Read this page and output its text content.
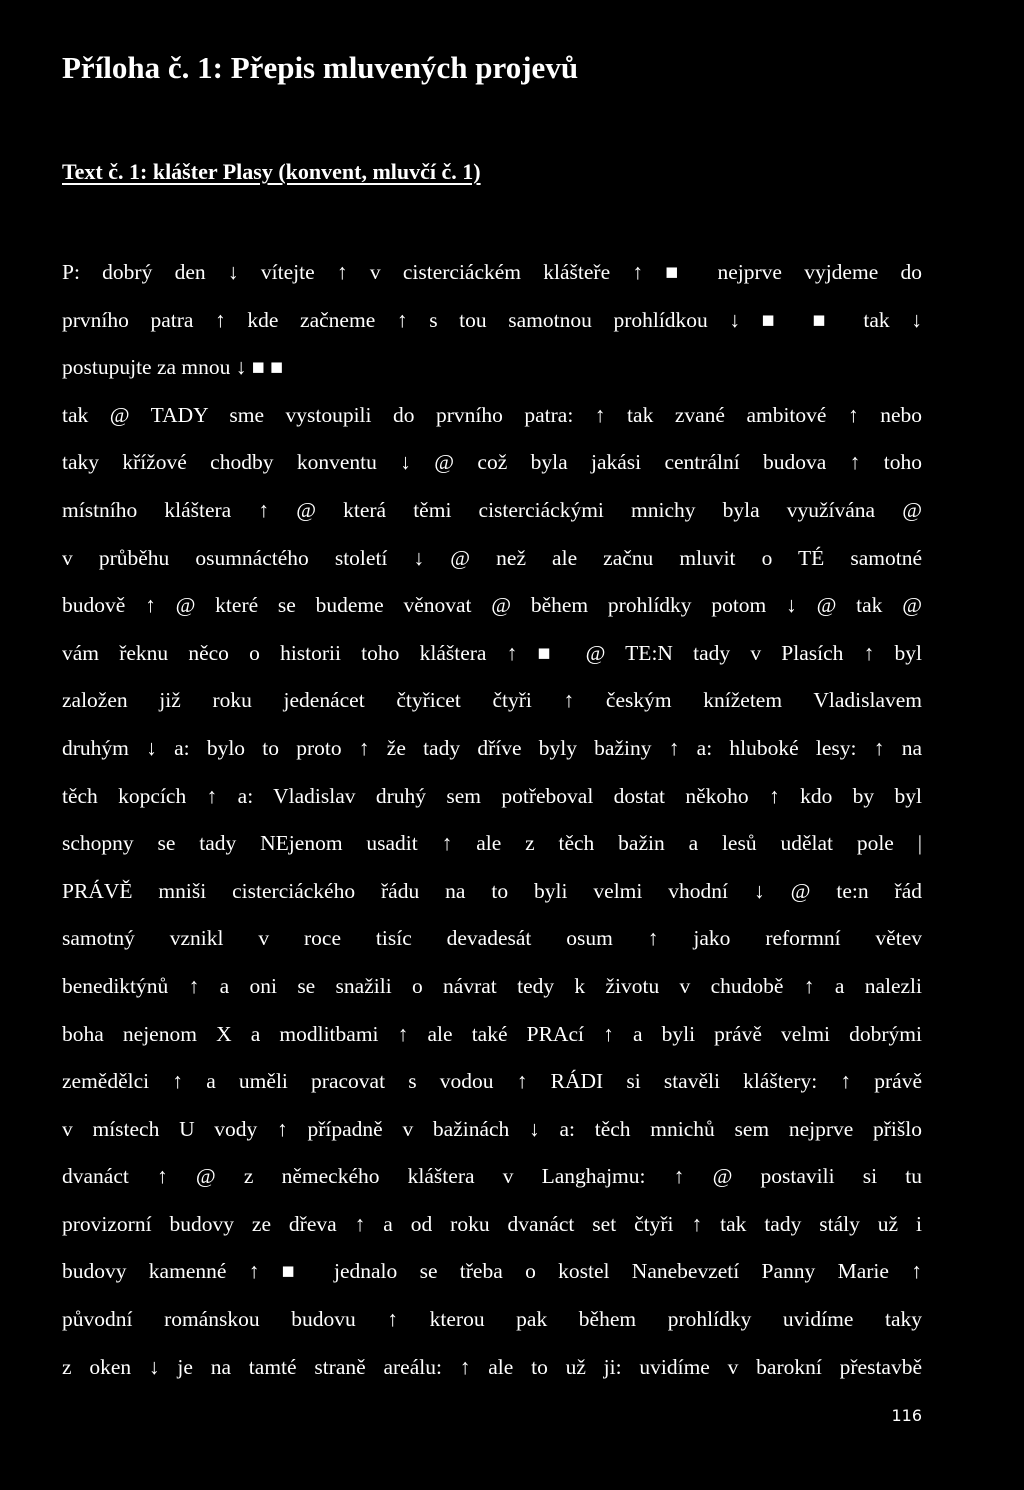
Příloha č. 1: Přepis mluvených projevů
Text č. 1: klášter Plasy (konvent, mluvčí č. 1)
P: dobrý den ↓ vítejte ↑ v cisterciáckém klášteře ↑ ■ nejprve vyjdeme do
prvního patra ↑ kde začneme ↑ s tou samotnou prohlídkou ↓ ■ ■ tak ↓
postupujte za mnou ↓ ■ ■
tak @ TADY sme vystoupili do prvního patra: ↑ tak zvané ambitové ↑ nebo
taky křížové chodby konventu ↓ @ což byla jakási centrální budova ↑ toho
místního kláštera ↑ @ která těmi cisterciáckými mnichy byla využívána @
v průběhu osumnáctého století ↓ @ než ale začnu mluvit o TÉ samotné
budově ↑ @ které se budeme věnovat @ během prohlídky potom ↓ @ tak @
vám řeknu něco o historii toho kláštera ↑ ■ @ TE:N tady v Plasích ↑ byl
založen již roku jedenácet čtyřicet čtyři ↑ českým knížetem Vladislavem
druhým ↓ a: bylo to proto ↑ že tady dříve byly bažiny ↑ a: hluboké lesy: ↑ na
těch kopcích ↑ a: Vladislav druhý sem potřeboval dostat někoho ↑ kdo by byl
schopny se tady NEjenom usadit ↑ ale z těch bažin a lesů udělat pole |
PRÁVĚ mniši cisterciáckého řádu na to byli velmi vhodní ↓ @ te:n řád
samotný vznikl v roce tisíc devadesát osum ↑ jako reformní větev
benediktýnů ↑ a oni se snažili o návrat tedy k životu v chudobě ↑ a nalezli
boha nejenom X a modlitbami ↑ ale také PRAcí ↑ a byli právě velmi dobrými
zemědělci ↑ a uměli pracovat s vodou ↑ RÁDI si stavěli kláštery: ↑ právě
v místech U vody ↑ případně v bažinách ↓ a: těch mnichů sem nejprve přišlo
dvanáct ↑ @ z německého kláštera v Langhajmu: ↑ @ postavili si tu
provizorní budovy ze dřeva ↑ a od roku dvanáct set čtyři ↑ tak tady stály už i
budovy kamenné ↑ ■ jednalo se třeba o kostel Nanebevzetí Panny Marie ↑
původní románskou budovu ↑ kterou pak během prohlídky uvidíme taky
z oken ↓ je na tamté straně areálu: ↑ ale to už ji: uvidíme v barokní přestavbě
116
